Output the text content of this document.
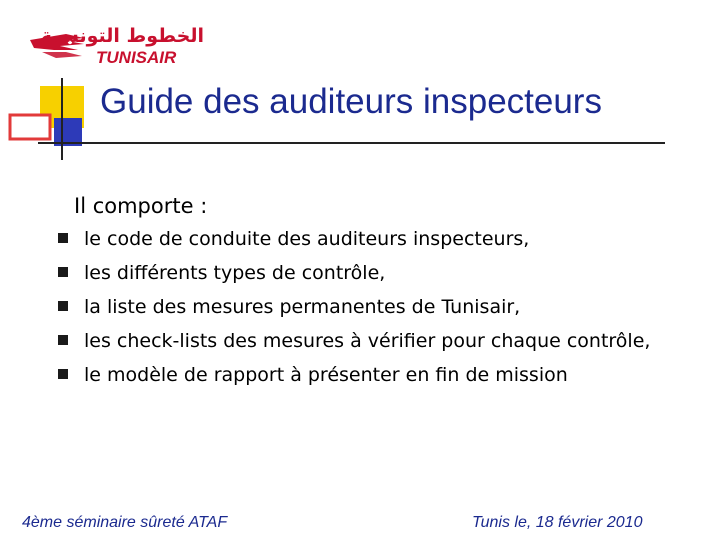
الخطوط التونسية
TUNISAIR
Guide des auditeurs inspecteurs
Il comporte :
le code de conduite des auditeurs inspecteurs,
les différents types de contrôle,
la liste des mesures permanentes de Tunisair,
les check-lists des mesures à vérifier pour chaque contrôle,
le modèle de rapport à présenter en fin de mission
4ème séminaire sûreté ATAF	Tunis le, 18 février 2010
